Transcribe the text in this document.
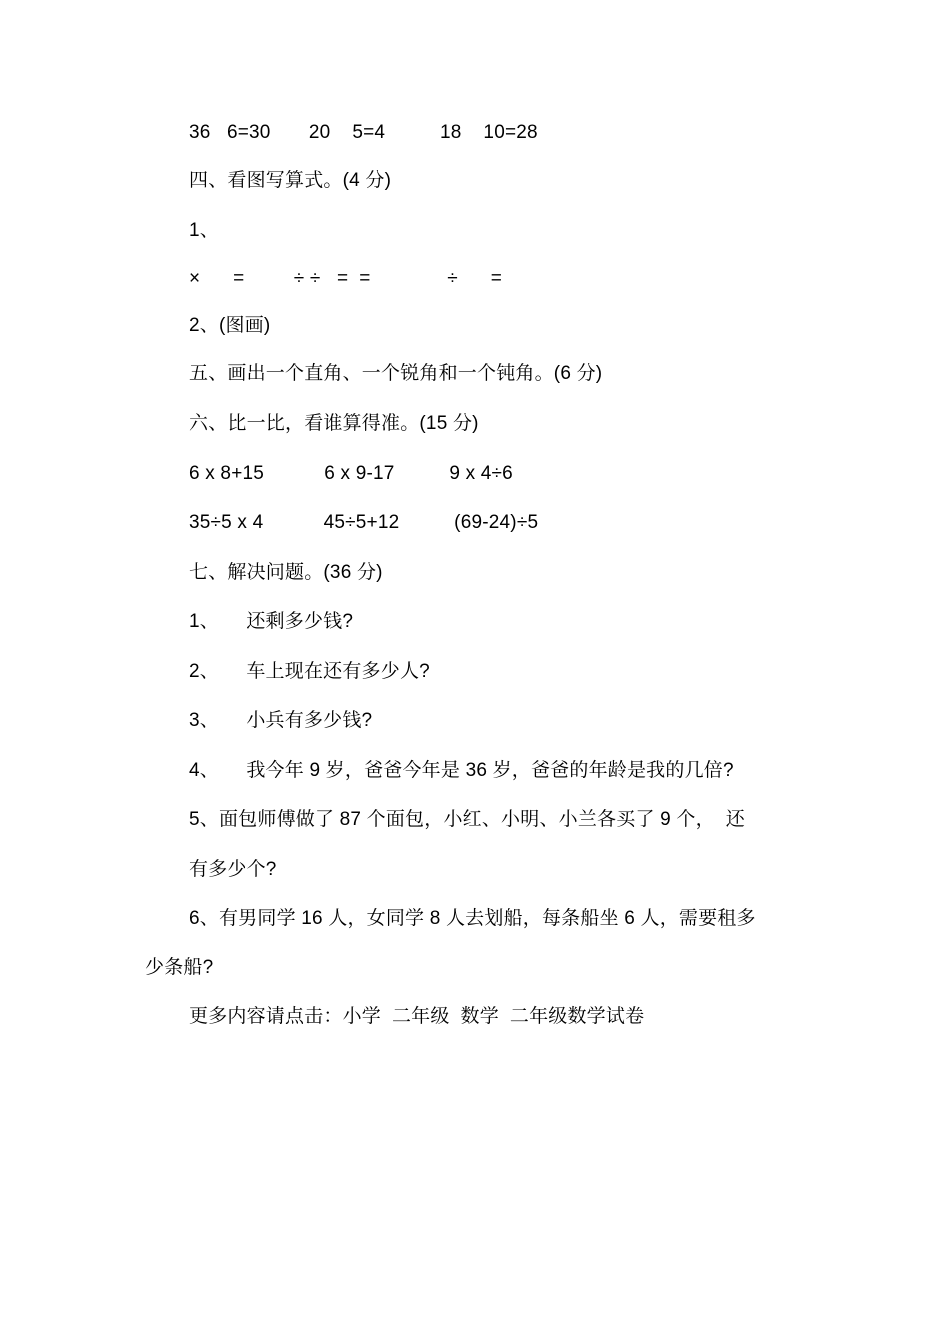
36   6=30       20    5=4          18    10=28
四、看图写算式。(4 分)
1、
×      =         ÷ ÷   =  =              ÷      =
2、(图画)
五、画出一个直角、一个锐角和一个钝角。(6 分)
六、比一比，看谁算得准。(15 分)
6 x 8+15           6 x 9-17          9 x 4÷6
35÷5 x 4           45÷5+12          (69-24)÷5
七、解决问题。(36 分)
1、     还剩多少钱?
2、     车上现在还有多少人?
3、     小兵有多少钱?
4、     我今年 9 岁，爸爸今年是 36 岁，爸爸的年龄是我的几倍?
5、面包师傅做了 87 个面包，小红、小明、小兰各买了 9 个，  还
有多少个?
6、有男同学 16 人，女同学 8 人去划船，每条船坐 6 人，需要租多
少条船?
更多内容请点击：小学  二年级  数学  二年级数学试卷
